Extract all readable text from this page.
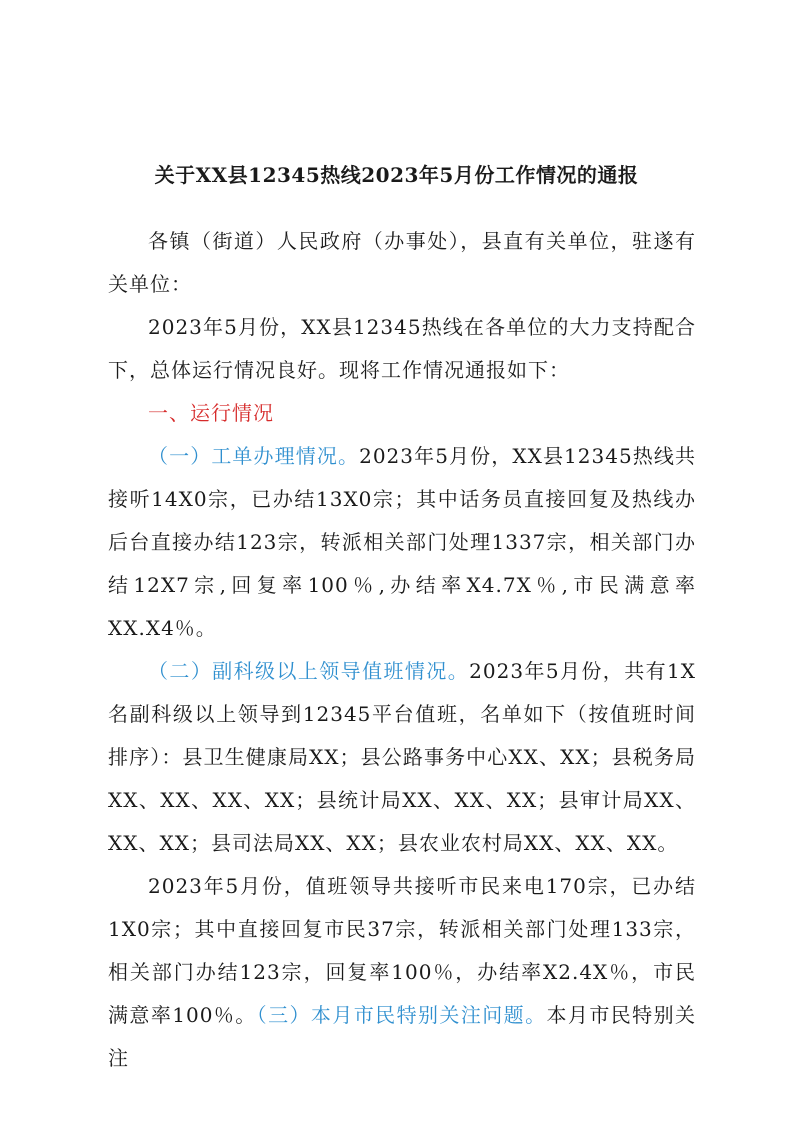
关于XX县12345热线2023年5月份工作情况的通报

各镇（街道）人民政府（办事处），县直有关单位，驻遂有关单位：

2023年5月份，XX县12345热线在各单位的大力支持配合下，总体运行情况良好。现将工作情况通报如下：

一、运行情况

（一）工单办理情况。2023年5月份，XX县12345热线共接听14X0宗，已办结13X0宗；其中话务员直接回复及热线办后台直接办结123宗，转派相关部门处理1337宗，相关部门办结12X7宗,回复率100％,办结率X4.7X％,市民满意率XX.X4％。

（二）副科级以上领导值班情况。2023年5月份，共有1X名副科级以上领导到12345平台值班，名单如下（按值班时间排序）：县卫生健康局XX；县公路事务中心XX、XX；县税务局XX、XX、XX、XX；县统计局XX、XX、XX；县审计局XX、XX、XX；县司法局XX、XX；县农业农村局XX、XX、XX。

2023年5月份，值班领导共接听市民来电170宗，已办结1X0宗；其中直接回复市民37宗，转派相关部门处理133宗，相关部门办结123宗，回复率100％，办结率X2.4X％，市民满意率100％。（三）本月市民特别关注问题。本月市民特别关注
